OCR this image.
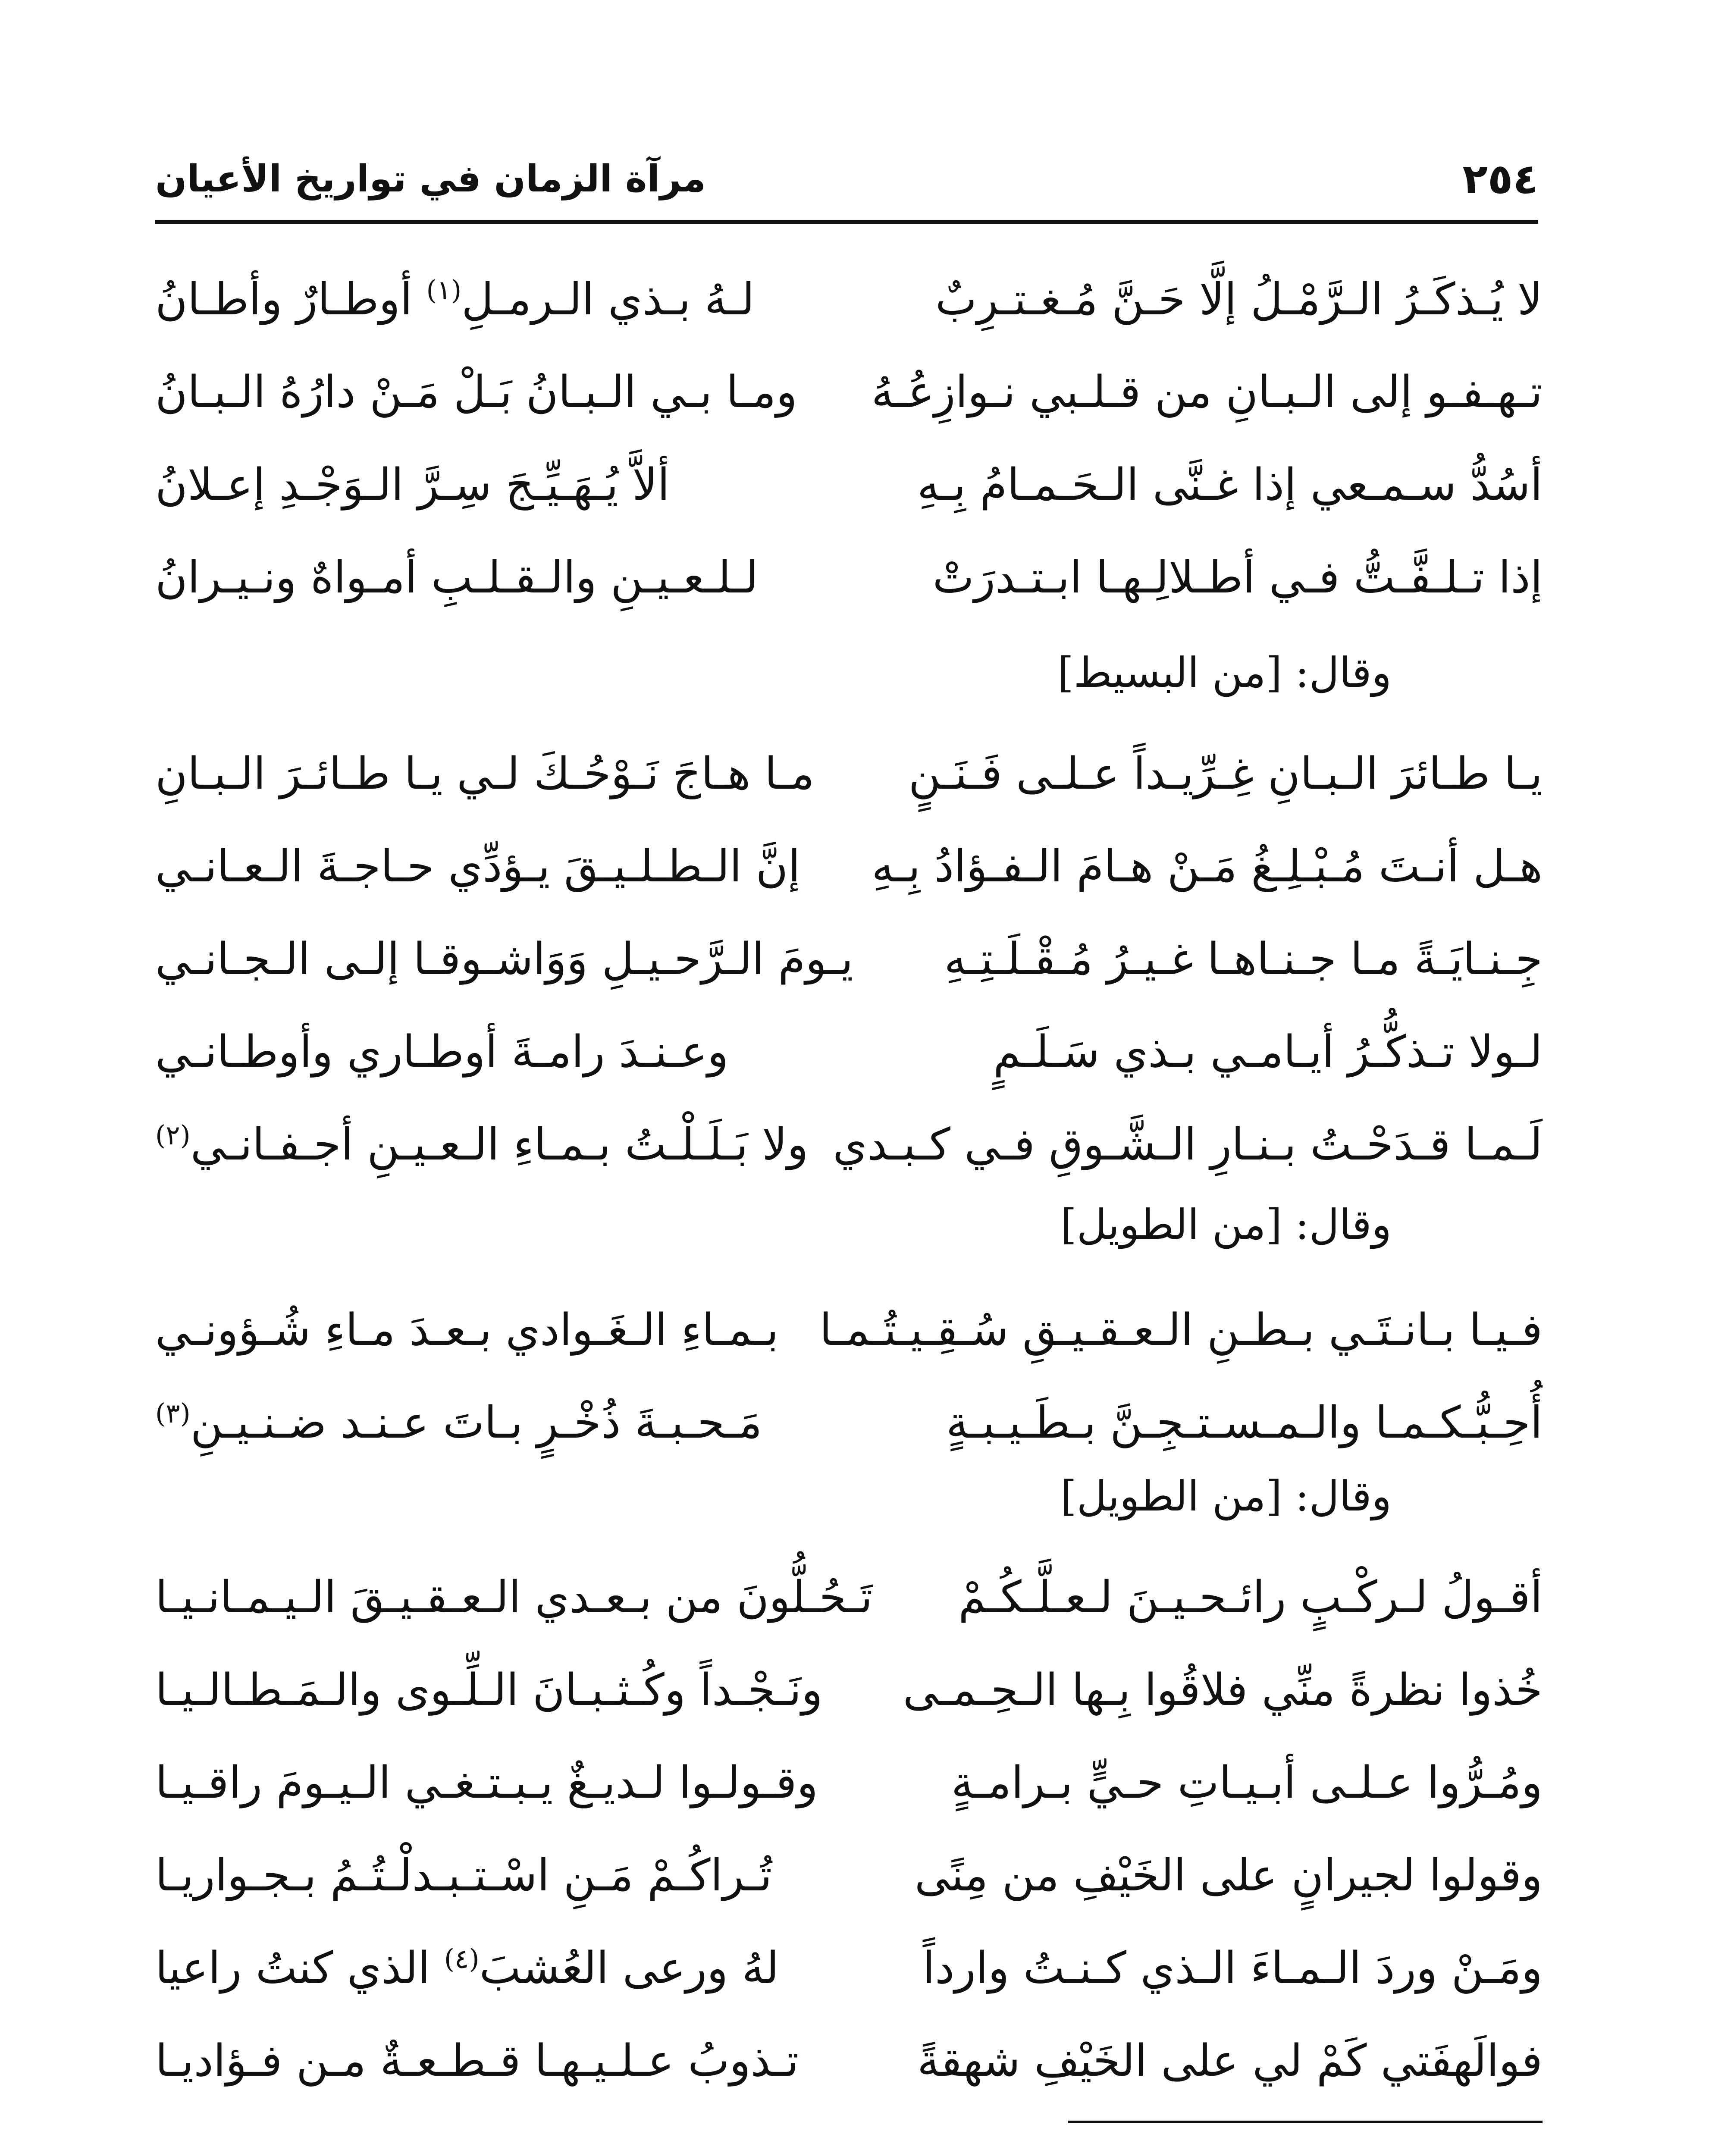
٢٥٤
مرآة الزمان في تواريخ الأعيان
لا يُـذكَـرُ الـرَّمْـلُ إلَّا حَـنَّ مُـغـتـرِبٌ
لـهُ بـذي الـرمـلِ$^{(١)}$ أوطـارٌ وأطـانُ
تـهـفـو إلى الـبـانِ من قـلـبي نـوازِعُـهُ
ومـا بـي الـبـانُ بَـلْ مَـنْ دارُهُ الـبـانُ
أسُدُّ سـمـعي إذا غـنَّى الـحَـمـامُ بِـهِ
ألاَّ يُـهَـيِّـجَ سِـرَّ الـوَجْـدِ إعـلانُ
إذا تـلـفَّـتُّ فـي أطـلالِـهـا ابـتـدرَتْ
لـلـعـيـنِ والـقـلـبِ أمـواهٌ ونـيـرانُ
وقال: [من البسيط]
يـا طـائرَ الـبـانِ غِـرِّيـداً عـلـى فَـنَـنٍ
مـا هـاجَ نَـوْحُـكَ لـي يـا طـائـرَ الـبـانِ
هـل أنـتَ مُـبْـلِـغُ مَـنْ هـامَ الـفـؤادُ بِـهِ
إنَّ الـطـلـيـقَ يـؤدِّي حـاجـةَ الـعـانـي
جِـنـايَـةً مـا جـنـاهـا غـيـرُ مُـقْـلَـتِـهِ
يـومَ الـرَّحـيـلِ وَوَاشـوقـا إلـى الـجـانـي
لـولا تـذكُّـرُ أيـامـي بـذي سَـلَـمٍ
وعـنـدَ رامـةَ أوطـاري وأوطـانـي
لَـمـا قـدَحْـتُ بـنـارِ الـشَّـوقِ فـي كـبـدي
ولا بَـلَـلْـتُ بـمـاءِ الـعـيـنِ أجـفـانـي$^{(٢)}$
وقال: [من الطويل]
فـيـا بـانـتَـي بـطـنِ الـعـقـيـقِ سُـقِـيـتُـمـا
بـمـاءِ الـغَـوادي بـعـدَ مـاءِ شُـؤونـي
أُحِـبُّـكـمـا والـمـسـتـجِـنَّ بـطَـيـبـةٍ
مَـحـبـةَ ذُخْـرٍ بـاتَ عـنـد ضـنـيـنِ$^{(٣)}$
وقال: [من الطويل]
أقـولُ لـركْـبٍ رائـحـيـنَ لـعـلَّـكُـمْ
تَـحُـلُّونَ من بـعـدي الـعـقـيـقَ الـيـمـانـيـا
خُذوا نظرةً منِّي فلاقُوا بِـها الـحِـمـى
ونَـجْـداً وكُـثـبـانَ الـلِّـوى والـمَـطـالـيـا
ومُـرُّوا عـلـى أبـيـاتِ حـيٍّ بـرامـةٍ
وقـولـوا لـديـغٌ يـبـتـغـي الـيـومَ راقـيـا
وقولوا لجيرانٍ على الخَيْفِ من مِنًى
تُـراكُـمْ مَـنِ اسْـتـبـدلْـتُـمُ بـجـواريـا
ومَـنْ وردَ الـمـاءَ الـذي كـنـتُ وارداً
لهُ ورعى العُشبَ$^{(٤)}$ الذي كنتُ راعيا
فوالَهفَتي كَمْ لي على الخَيْفِ شهقةً
تـذوبُ عـلـيـهـا قـطـعـةٌ مـن فـؤاديـا
